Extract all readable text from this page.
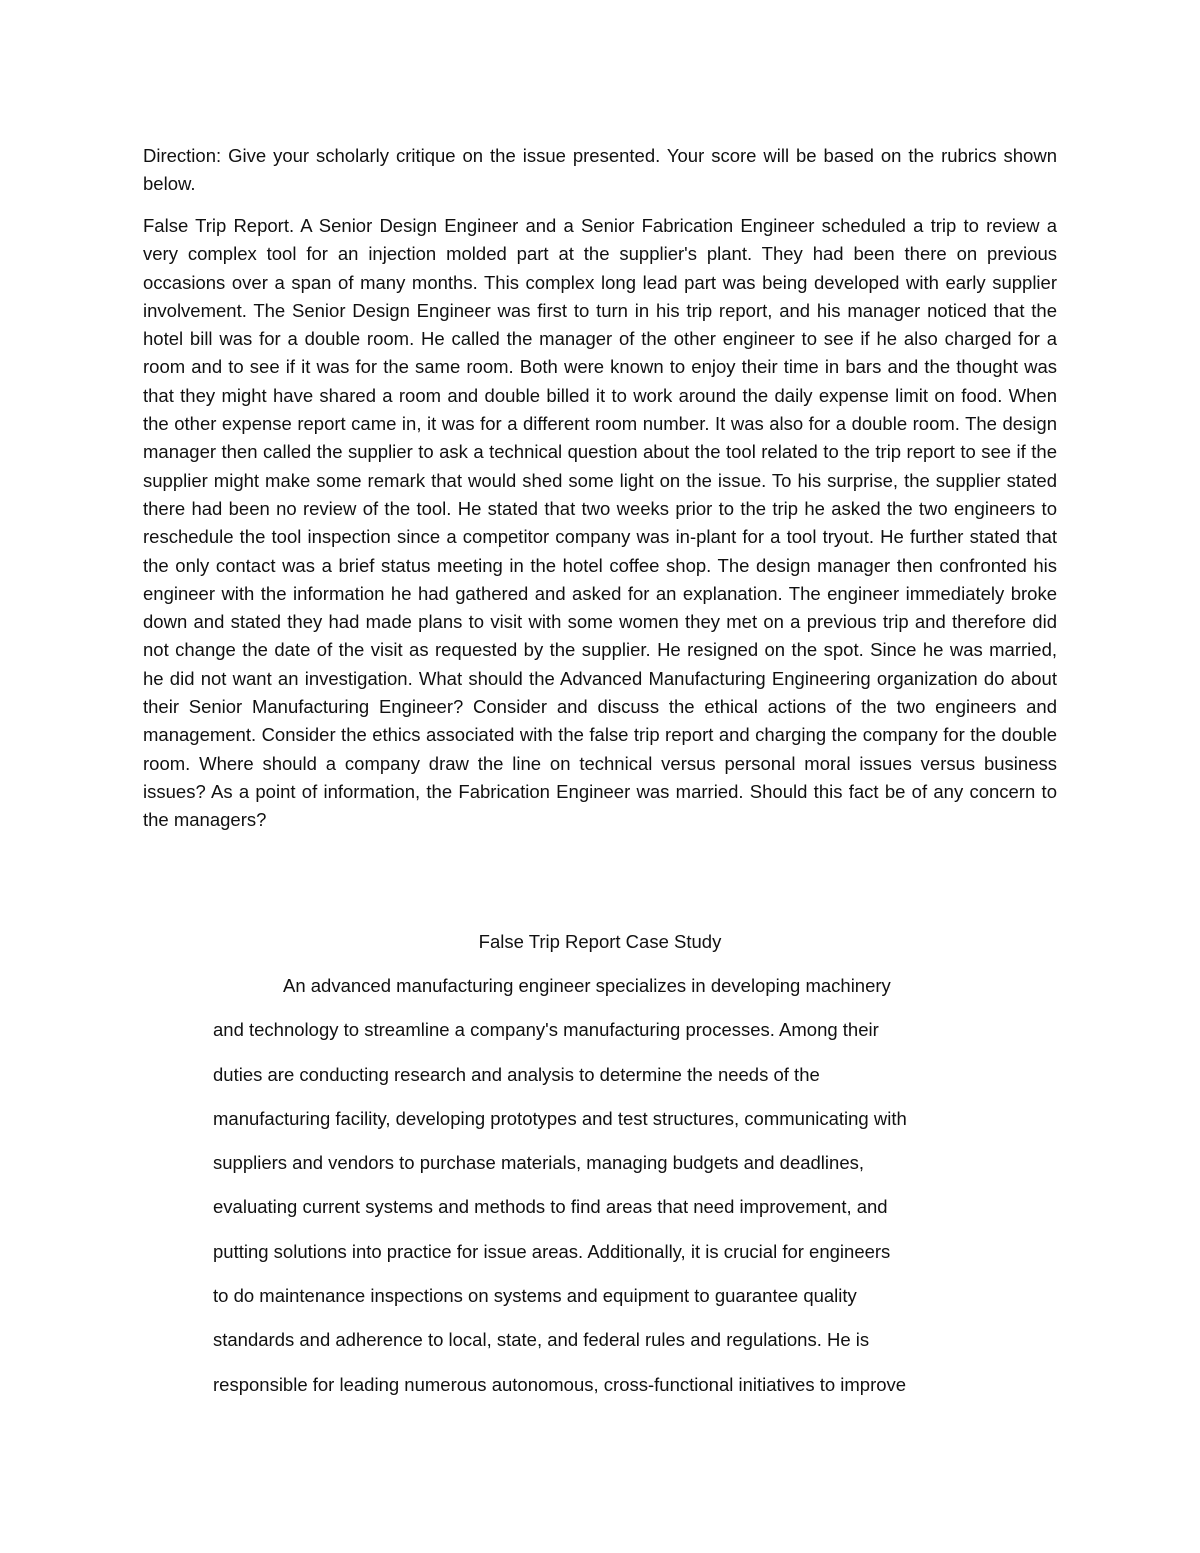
Direction: Give your scholarly critique on the issue presented. Your score will be based on the rubrics shown below.

False Trip Report. A Senior Design Engineer and a Senior Fabrication Engineer scheduled a trip to review a very complex tool for an injection molded part at the supplier's plant. They had been there on previous occasions over a span of many months. This complex long lead part was being developed with early supplier involvement. The Senior Design Engineer was first to turn in his trip report, and his manager noticed that the hotel bill was for a double room. He called the manager of the other engineer to see if he also charged for a room and to see if it was for the same room. Both were known to enjoy their time in bars and the thought was that they might have shared a room and double billed it to work around the daily expense limit on food. When the other expense report came in, it was for a different room number. It was also for a double room. The design manager then called the supplier to ask a technical question about the tool related to the trip report to see if the supplier might make some remark that would shed some light on the issue. To his surprise, the supplier stated there had been no review of the tool. He stated that two weeks prior to the trip he asked the two engineers to reschedule the tool inspection since a competitor company was in-plant for a tool tryout. He further stated that the only contact was a brief status meeting in the hotel coffee shop. The design manager then confronted his engineer with the information he had gathered and asked for an explanation. The engineer immediately broke down and stated they had made plans to visit with some women they met on a previous trip and therefore did not change the date of the visit as requested by the supplier. He resigned on the spot. Since he was married, he did not want an investigation. What should the Advanced Manufacturing Engineering organization do about their Senior Manufacturing Engineer? Consider and discuss the ethical actions of the two engineers and management. Consider the ethics associated with the false trip report and charging the company for the double room. Where should a company draw the line on technical versus personal moral issues versus business issues? As a point of information, the Fabrication Engineer was married. Should this fact be of any concern to the managers?

False Trip Report Case Study

An advanced manufacturing engineer specializes in developing machinery
and technology to streamline a company's manufacturing processes. Among their
duties are conducting research and analysis to determine the needs of the
manufacturing facility, developing prototypes and test structures, communicating with
suppliers and vendors to purchase materials, managing budgets and deadlines,
evaluating current systems and methods to find areas that need improvement, and
putting solutions into practice for issue areas. Additionally, it is crucial for engineers
to do maintenance inspections on systems and equipment to guarantee quality
standards and adherence to local, state, and federal rules and regulations. He is
responsible for leading numerous autonomous, cross-functional initiatives to improve
